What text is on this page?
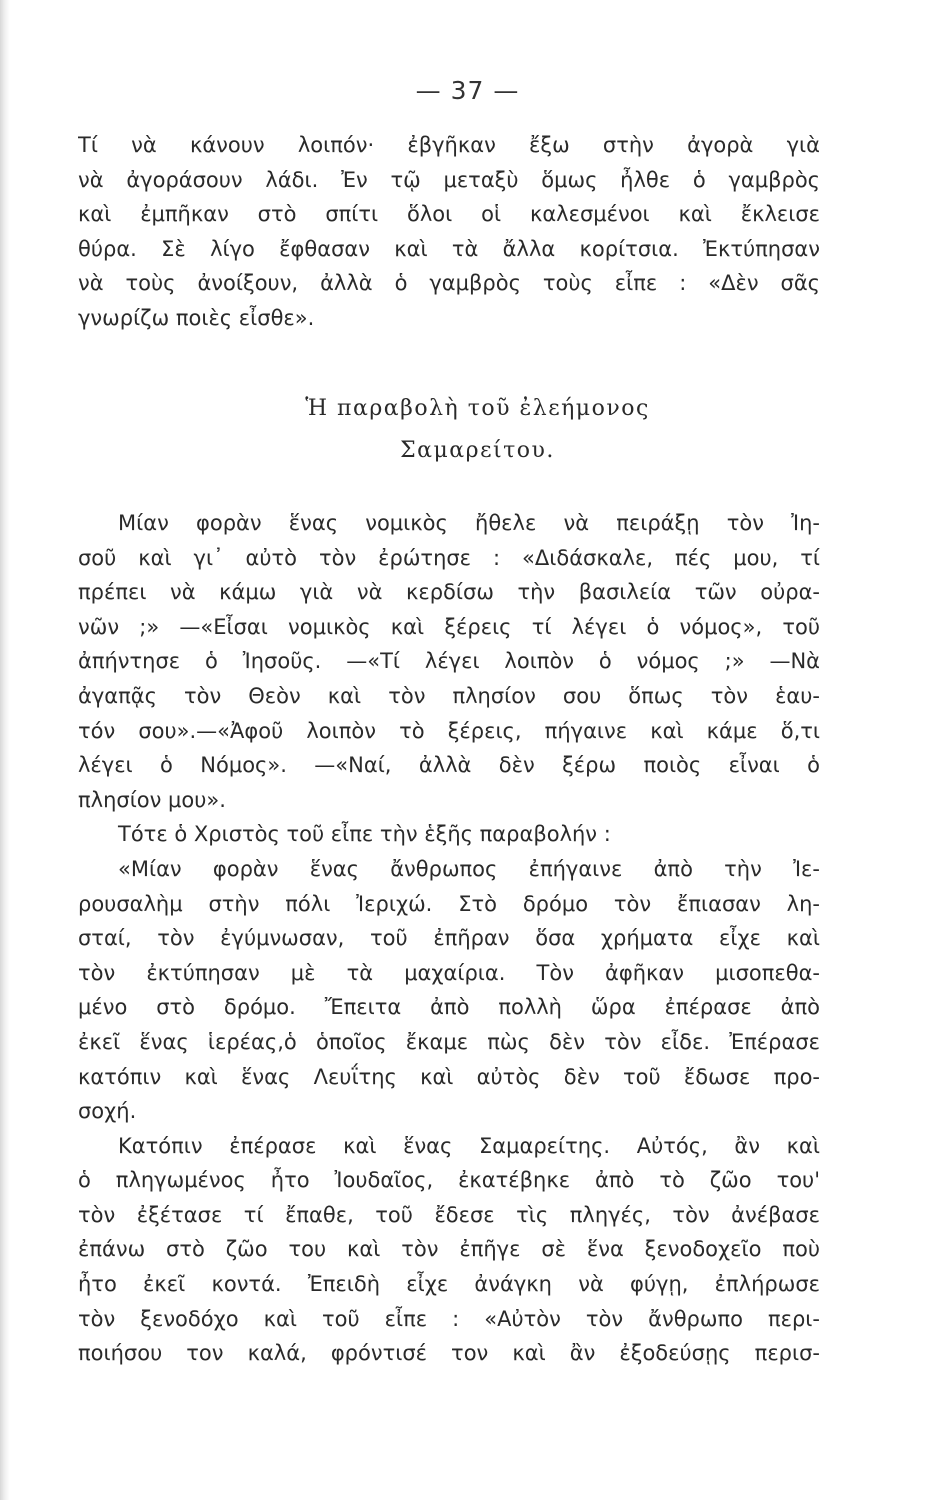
— 37 —
Τί νὰ κάνουν λοιπόν· ἐβγῆκαν ἔξω στὴν ἀγορὰ γιὰ
νὰ ἀγοράσουν λάδι. Ἐν τῷ μεταξὺ ὅμως ἦλθε ὁ γαμβρὸς
καὶ ἐμπῆκαν στὸ σπίτι ὅλοι οἱ καλεσμένοι καὶ ἔκλεισε
θύρα. Σὲ λίγο ἔφθασαν καὶ τὰ ἄλλα κορίτσια. Ἐκτύπησαν
νὰ τοὺς ἀνοίξουν, ἀλλὰ ὁ γαμβρὸς τοὺς εἶπε : «Δὲν σᾶς
γνωρίζω ποιὲς εἶσθε».
Ἡ παραβολὴ τοῦ ἐλεήμονος
Σαμαρείτου.
Μίαν φορὰν ἕνας νομικὸς ἤθελε νὰ πειράξῃ τὸν Ἰη-
σοῦ καὶ γι᾽ αὐτὸ τὸν ἐρώτησε : «Διδάσκαλε, πές μου, τί
πρέπει νὰ κάμω γιὰ νὰ κερδίσω τὴν βασιλεία τῶν οὐρα-
νῶν ;» —«Εἶσαι νομικὸς καὶ ξέρεις τί λέγει ὁ νόμος», τοῦ
ἀπήντησε ὁ Ἰησοῦς. —«Τί λέγει λοιπὸν ὁ νόμος ;» —Νὰ
ἀγαπᾷς τὸν Θεὸν καὶ τὸν πλησίον σου ὅπως τὸν ἑαυ-
τόν σου».—«Ἀφοῦ λοιπὸν τὸ ξέρεις, πήγαινε καὶ κάμε ὅ,τι
λέγει ὁ Νόμος». —«Ναί, ἀλλὰ δὲν ξέρω ποιὸς εἶναι ὁ
πλησίον μου».
Τότε ὁ Χριστὸς τοῦ εἶπε τὴν ἑξῆς παραβολήν :
«Μίαν φορὰν ἕνας ἄνθρωπος ἐπήγαινε ἀπὸ τὴν Ἰε-
ρουσαλὴμ στὴν πόλι Ἰεριχώ. Στὸ δρόμο τὸν ἔπιασαν λη-
σταί, τὸν ἐγύμνωσαν, τοῦ ἐπῆραν ὅσα χρήματα εἶχε καὶ
τὸν ἐκτύπησαν μὲ τὰ μαχαίρια. Τὸν ἀφῆκαν μισοπεθα-
μένο στὸ δρόμο. Ἔπειτα ἀπὸ πολλὴ ὥρα ἐπέρασε ἀπὸ
ἐκεῖ ἕνας ἱερέας,ὁ ὁποῖος ἔκαμε πὼς δὲν τὸν εἶδε. Ἐπέρασε
κατόπιν καὶ ἕνας Λευΐτης καὶ αὐτὸς δὲν τοῦ ἔδωσε προ-
σοχή.
Κατόπιν ἐπέρασε καὶ ἕνας Σαμαρείτης. Αὐτός, ἂν καὶ
ὁ πληγωμένος ἦτο Ἰουδαῖος, ἐκατέβηκε ἀπὸ τὸ ζῶο του'
τὸν ἐξέτασε τί ἔπαθε, τοῦ ἔδεσε τὶς πληγές, τὸν ἀνέβασε
ἐπάνω στὸ ζῶο του καὶ τὸν ἐπῆγε σὲ ἕνα ξενοδοχεῖο ποὺ
ἦτο ἐκεῖ κοντά. Ἐπειδὴ εἶχε ἀνάγκη νὰ φύγῃ, ἐπλήρωσε
τὸν ξενοδόχο καὶ τοῦ εἶπε : «Αὐτὸν τὸν ἄνθρωπο περι-
ποιήσου τον καλά, φρόντισέ τον καὶ ἂν ἐξοδεύσῃς περισ-
